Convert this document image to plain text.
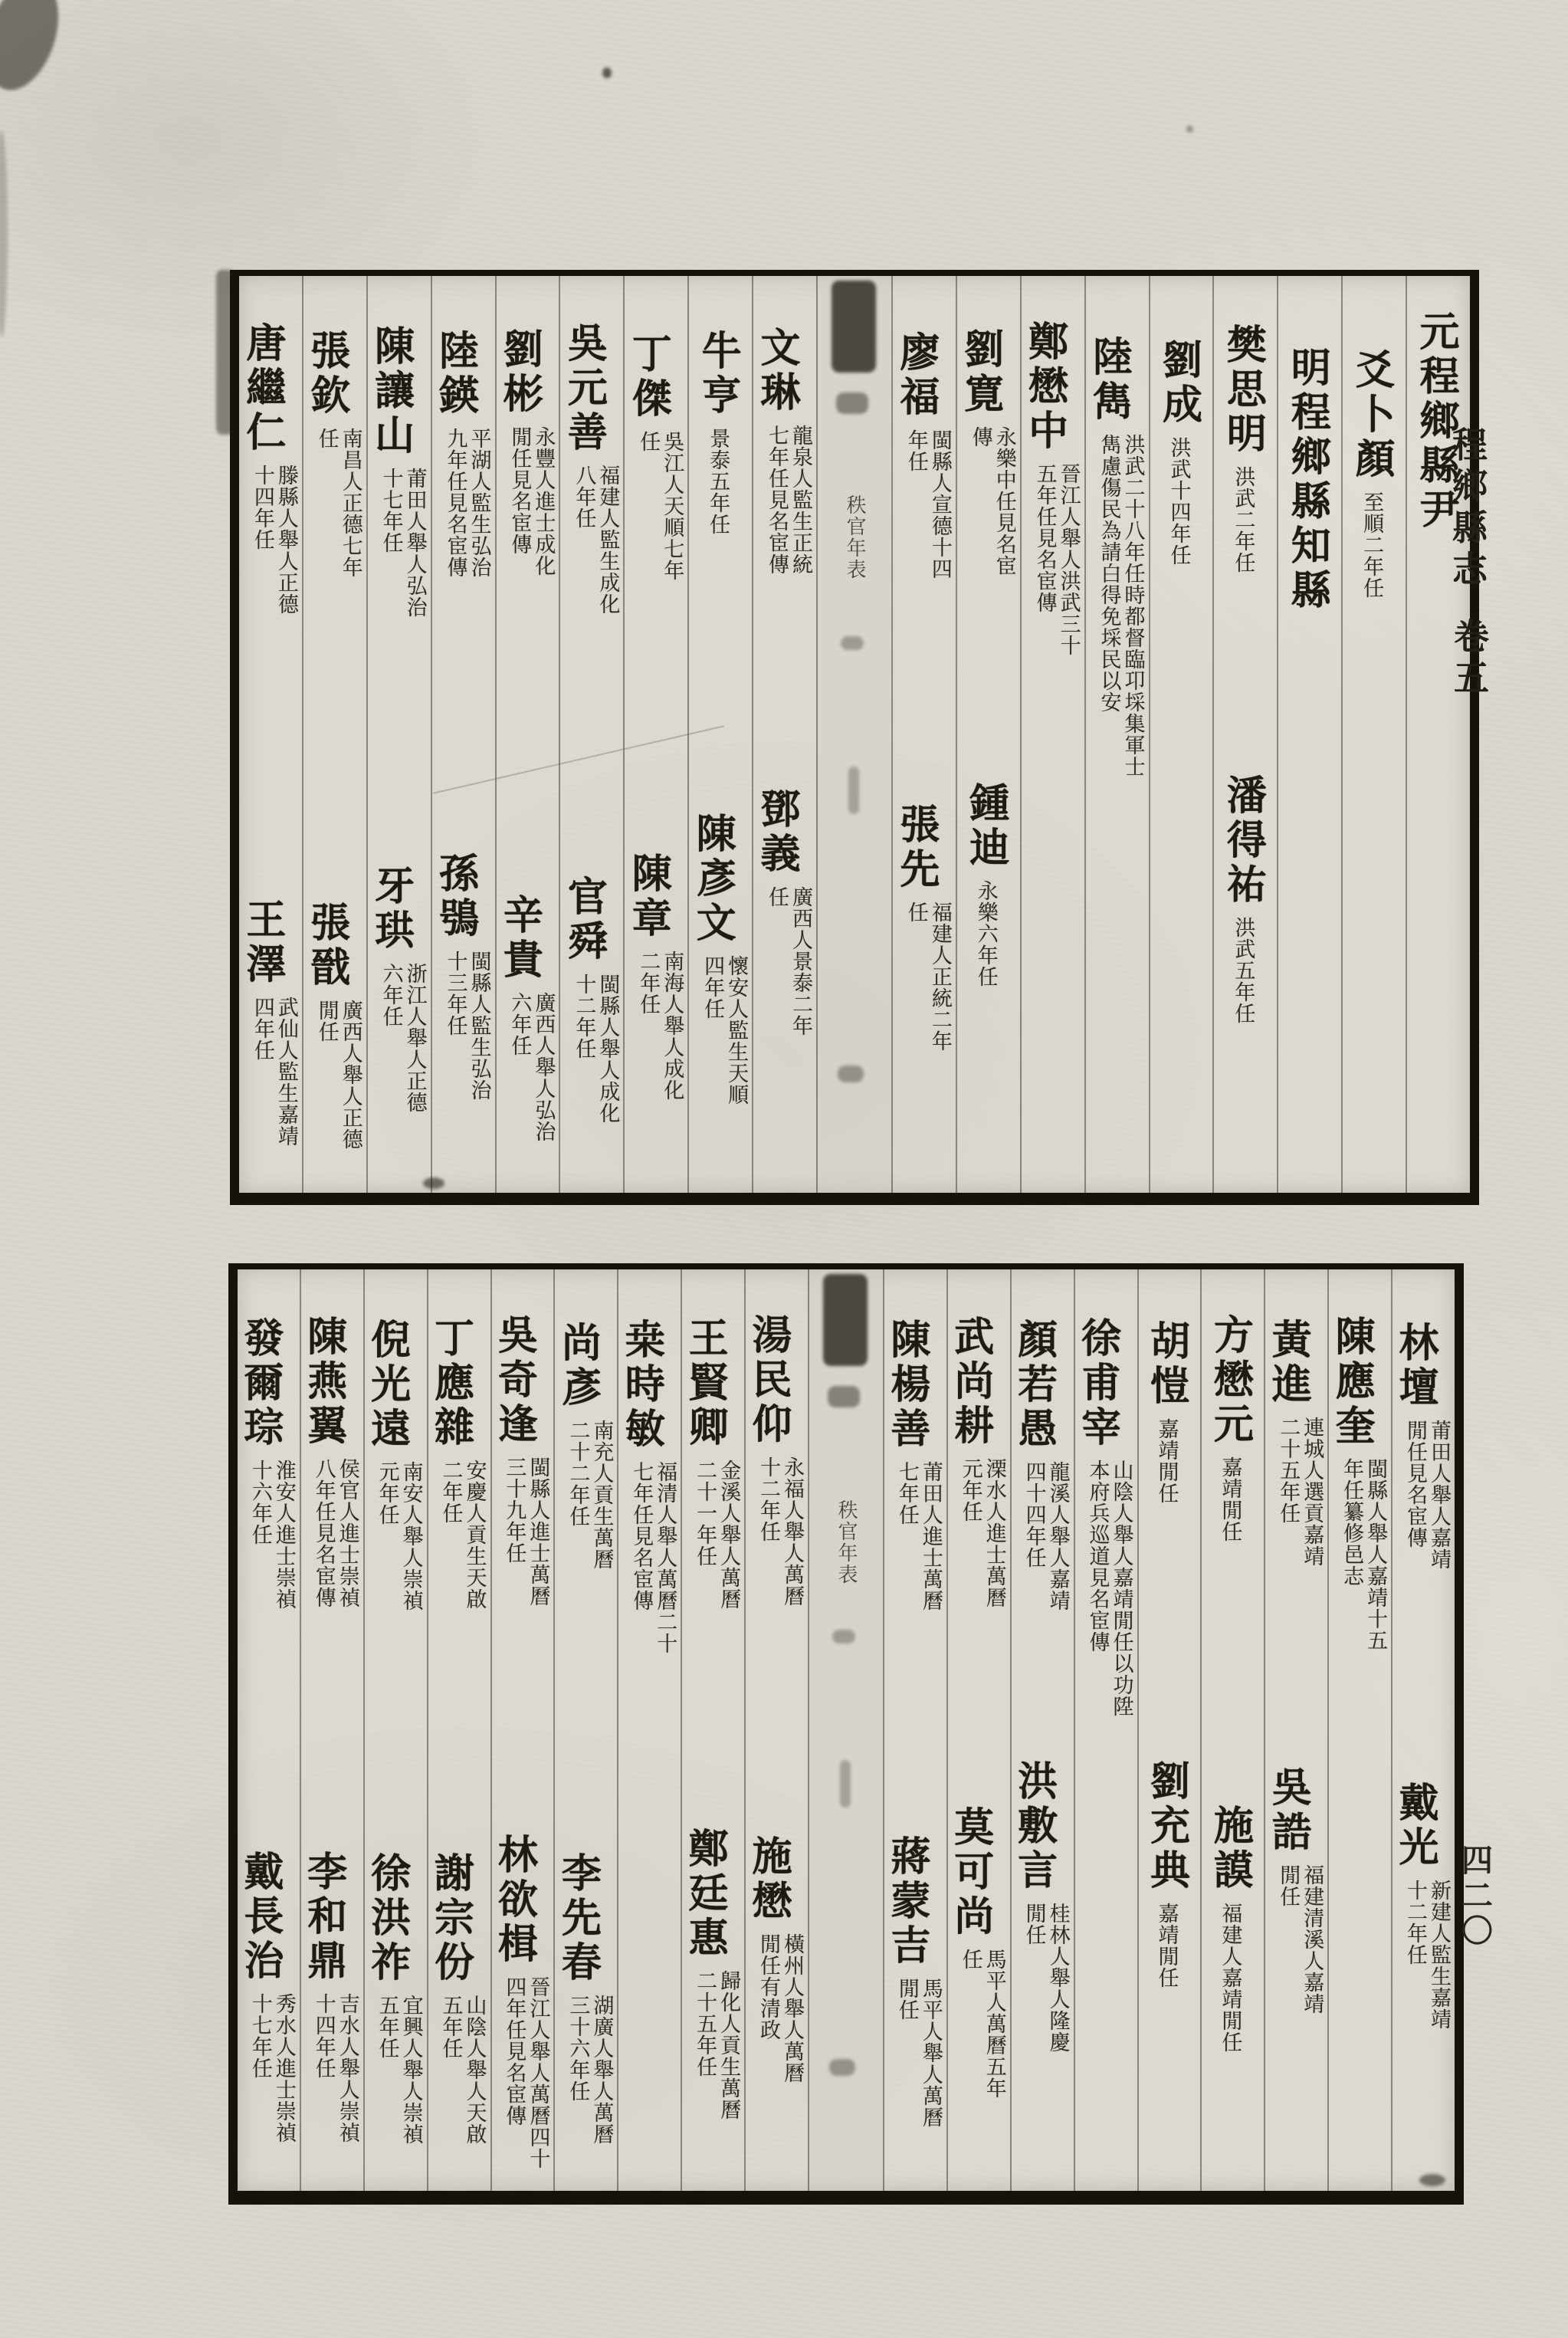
元程鄉縣尹
爻卜顏至順二年任
明程鄉縣知縣
樊思明洪武二年任
潘得祐洪武五年任
劉成洪武十四年任
陸雋洪武二十八年任時都督臨卭埰集軍士雋慮傷民為請白得免埰民以安
鄭懋中晉江人舉人洪武三十五年任見名宦傳
劉寛永樂中任見名宦傳
鍾迪永樂六年任
廖福閩縣人宣德十四年任
張先福建人正統二年任
秩官年表
文琳龍泉人監生正統七年任見名宦傳
鄧義廣西人景泰二年任
牛亨景泰五年任
陳彥文懷安人監生天順四年任
丁傑吳江人天順七年任
陳章南海人舉人成化二年任
吳元善福建人監生成化八年任
官舜閩縣人舉人成化十二年任
劉彬永豐人進士成化閒任見名宦傳
辛貴廣西人舉人弘治六年任
陸鍈平湖人監生弘治九年任見名宦傳
孫鴞閩縣人監生弘治十三年任
陳讓山莆田人舉人弘治十七年任
牙珙浙江人舉人正德六年任
張欽南昌人正德七年任
張戩廣西人舉人正德閒任
唐繼仁滕縣人舉人正德十四年任
王澤武仙人監生嘉靖四年任
林壇莆田人舉人嘉靖閒任見名宦傳
戴光新建人監生嘉靖十二年任
陳應奎閩縣人舉人嘉靖十五年任纂修邑志
黃進連城人選貢嘉靖二十五年任
吳誥福建清溪人嘉靖閒任
方懋元嘉靖閒任
施謨福建人嘉靖閒任
胡愷嘉靖閒任
劉充典嘉靖閒任
徐甫宰山陰人舉人嘉靖閒任以功陞本府兵巡道見名宦傳
顏若愚龍溪人舉人嘉靖四十四年任
洪敷言桂林人舉人隆慶閒任
武尚耕溧水人進士萬曆元年任
莫可尚馬平人萬曆五年任
陳楊善莆田人進士萬曆七年任
蔣蒙吉馬平人舉人萬曆閒任
秩官年表
湯民仰永福人舉人萬曆十二年任
施懋橫州人舉人萬曆閒任有清政
王賢卿金溪人舉人萬曆二十一年任
鄭廷惠歸化人貢生萬曆二十五年任
桒時敏福清人舉人萬曆二十七年任見名宦傳
尚彥南充人貢生萬曆二十二年任
李先春湖廣人舉人萬曆三十六年任
吳奇逢閩縣人進士萬曆三十九年任
林欲楫晉江人舉人萬曆四十四年任見名宦傳
丁應雜安慶人貢生天啟二年任
謝宗份山陰人舉人天啟五年任
倪光遠南安人舉人崇禎元年任
徐洪祚宜興人舉人崇禎五年任
陳燕翼侯官人進士崇禎八年任見名宦傳
李和鼎吉水人舉人崇禎十四年任
發爾琮淮安人進士崇禎十六年任
戴長治秀水人進士崇禎十七年任
程鄉縣志
卷五
四二〇
